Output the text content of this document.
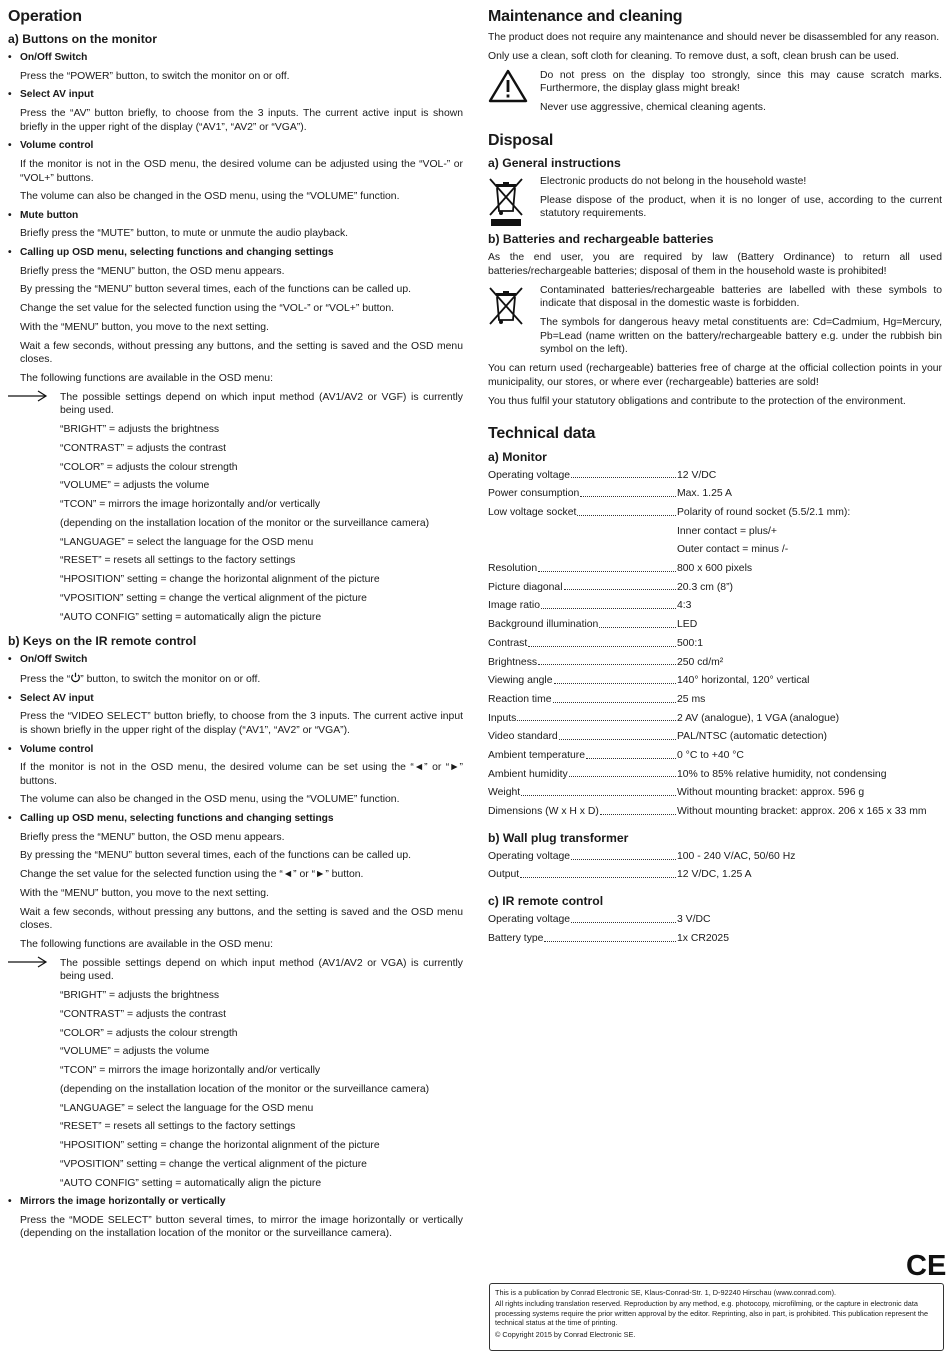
Operation
a) Buttons on the monitor
• On/Off Switch

Press the “POWER” button, to switch the monitor on or off.

• Select AV input

Press the “AV” button briefly, to choose from the 3 inputs. The current active input is shown briefly in the upper right of the display (“AV1”, “AV2” or “VGA”).

• Volume control

If the monitor is not in the OSD menu, the desired volume can be adjusted using the “VOL-” or “VOL+” buttons.

The volume can also be changed in the OSD menu, using the “VOLUME” function.

• Mute button

Briefly press the “MUTE” button, to mute or unmute the audio playback.

• Calling up OSD menu, selecting functions and changing settings

Briefly press the “MENU” button, the OSD menu appears.

By pressing the “MENU” button several times, each of the functions can be called up.

Change the set value for the selected function using the “VOL-” or “VOL+” button.

With the “MENU” button, you move to the next setting.

Wait a few seconds, without pressing any buttons, and the setting is saved and the OSD menu closes.

The following functions are available in the OSD menu:

The possible settings depend on which input method (AV1/AV2 or VGF) is currently being used.

“BRIGHT” = adjusts the brightness

“CONTRAST” = adjusts the contrast

“COLOR” = adjusts the colour strength

“VOLUME” = adjusts the volume

“TCON” = mirrors the image horizontally and/or vertically

(depending on the installation location of the monitor or the surveillance camera)

“LANGUAGE” = select the language for the OSD menu

“RESET” = resets all settings to the factory settings

“HPOSITION” setting = change the horizontal alignment of the picture

“VPOSITION” setting = change the vertical alignment of the picture

“AUTO CONFIG” setting = automatically align the picture

b) Keys on the IR remote control
• On/Off Switch

Press the “ ” button, to switch the monitor on or off.

• Select AV input

Press the “VIDEO SELECT” button briefly, to choose from the 3 inputs. The current active input is shown briefly in the upper right of the display (“AV1”, “AV2” or “VGA”).

• Volume control

If the monitor is not in the OSD menu, the desired volume can be set using the “◄” or “►” buttons.

The volume can also be changed in the OSD menu, using the “VOLUME” function.

• Calling up OSD menu, selecting functions and changing settings

Briefly press the “MENU” button, the OSD menu appears.

By pressing the “MENU” button several times, each of the functions can be called up.

Change the set value for the selected function using the “◄” or “►” button.

With the “MENU” button, you move to the next setting.

Wait a few seconds, without pressing any buttons, and the setting is saved and the OSD menu closes.

The following functions are available in the OSD menu:

The possible settings depend on which input method (AV1/AV2 or VGA) is currently being used.

“BRIGHT” = adjusts the brightness

“CONTRAST” = adjusts the contrast

“COLOR” = adjusts the colour strength

“VOLUME” = adjusts the volume

“TCON” = mirrors the image horizontally and/or vertically

(depending on the installation location of the monitor or the surveillance camera)

“LANGUAGE” = select the language for the OSD menu

“RESET” = resets all settings to the factory settings

“HPOSITION” setting = change the horizontal alignment of the picture

“VPOSITION” setting = change the vertical alignment of the picture

“AUTO CONFIG” setting = automatically align the picture

• Mirrors the image horizontally or vertically

Press the “MODE SELECT” button several times, to mirror the image horizontally or vertically (depending on the installation location of the monitor or the surveillance camera).

Maintenance and cleaning

The product does not require any maintenance and should never be disassembled for any reason.

Only use a clean, soft cloth for cleaning. To remove dust, a soft, clean brush can be used.

Do not press on the display too strongly, since this may cause scratch marks. Furthermore, the display glass might break!

Never use aggressive, chemical cleaning agents.

Disposal
a) General instructions

Electronic products do not belong in the household waste!

Please dispose of the product, when it is no longer of use, according to the current statutory requirements.

b) Batteries and rechargeable batteries

As the end user, you are required by law (Battery Ordinance) to return all used batteries/rechargeable batteries; disposal of them in the household waste is prohibited!

Contaminated batteries/rechargeable batteries are labelled with these symbols to indicate that disposal in the domestic waste is forbidden.

The symbols for dangerous heavy metal constituents are: Cd=Cadmium, Hg=Mercury, Pb=Lead (name written on the battery/rechargeable battery e.g. under the rubbish bin symbol on the left).

You can return used (rechargeable) batteries free of charge at the official collection points in your municipality, our stores, or where ever (rechargeable) batteries are sold!

You thus fulfil your statutory obligations and contribute to the protection of the environment.

Technical data
a) Monitor
Operating voltage	12 V/DC

Power consumption	Max. 1.25 A

Low voltage socket	Polarity of round socket (5.5/2.1 mm):
	Inner contact = plus/+
	Outer contact = minus /-

Resolution	800 x 600 pixels

Picture diagonal	20.3 cm (8”)

Image ratio	4:3

Background illumination	LED

Contrast	500:1

Brightness	250 cd/m²

Viewing angle	140° horizontal, 120° vertical

Reaction time	25 ms

Inputs	2 AV (analogue), 1 VGA (analogue)

Video standard	PAL/NTSC (automatic detection)

Ambient temperature	0 °C to +40 °C

Ambient humidity	10% to 85% relative humidity, not condensing

Weight	Without mounting bracket: approx. 596 g

Dimensions (W x H x D)	Without mounting bracket: approx. 206 x 165 x 33 mm
b) Wall plug transformer
Operating voltage	100 - 240 V/AC, 50/60 Hz

Output	12 V/DC, 1.25 A
c) IR remote control
Operating voltage	3 V/DC

Battery type	1x CR2025
CE

This is a publication by Conrad Electronic SE, Klaus-Conrad-Str. 1, D-92240 Hirschau (www.conrad.com).

All rights including translation reserved. Reproduction by any method, e.g. photocopy, microfilming, or the capture in electronic data processing systems require the prior written approval by the editor. Reprinting, also in part, is prohibited. This publication represent the technical status at the time of printing.

© Copyright 2015 by Conrad Electronic SE.
